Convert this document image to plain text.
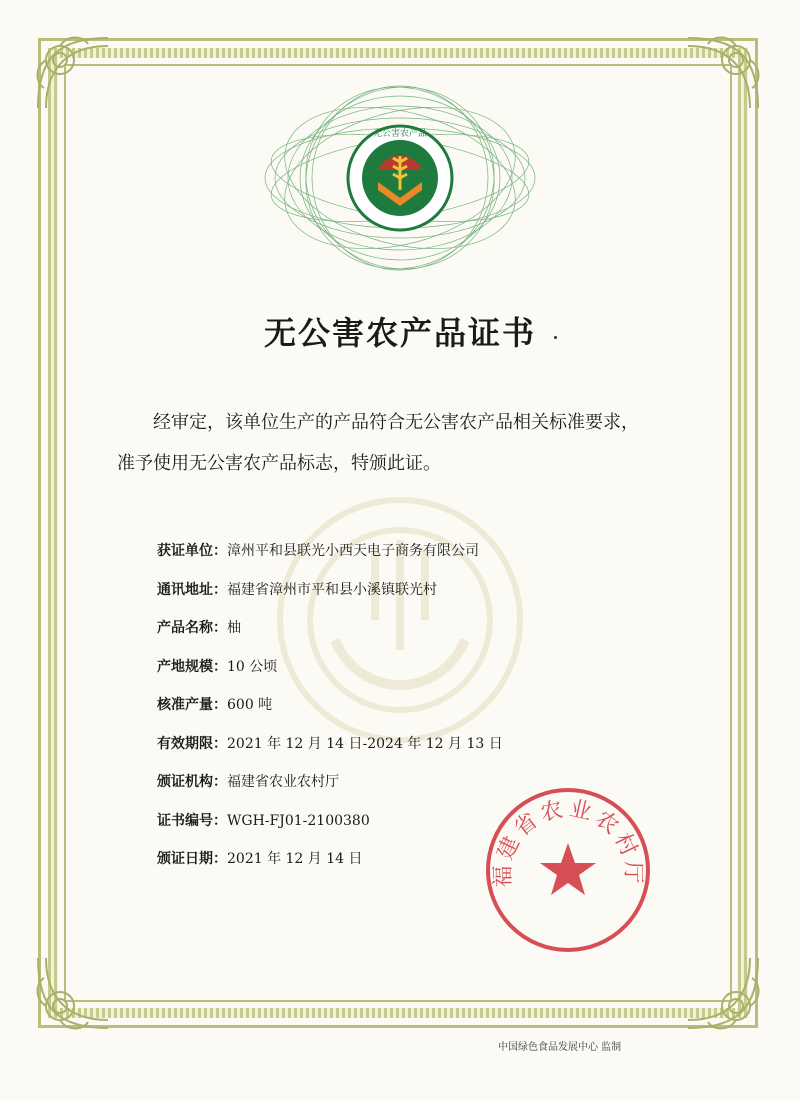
无公害农产品
无公害农产品证书
经审定，该单位生产的产品符合无公害农产品相关标准要求，
准予使用无公害农产品标志，特颁此证。
获证单位： 漳州平和县联光小西天电子商务有限公司
通讯地址： 福建省漳州市平和县小溪镇联光村
产品名称： 柚
产地规模： 10 公顷
核准产量： 600 吨
有效期限： 2021 年 12 月 14 日-2024 年 12 月 13 日
颁证机构： 福建省农业农村厅
证书编号： WGH-FJ01-2100380
颁证日期： 2021 年 12 月 14 日
福建省农业农村厅
中国绿色食品发展中心 监制
